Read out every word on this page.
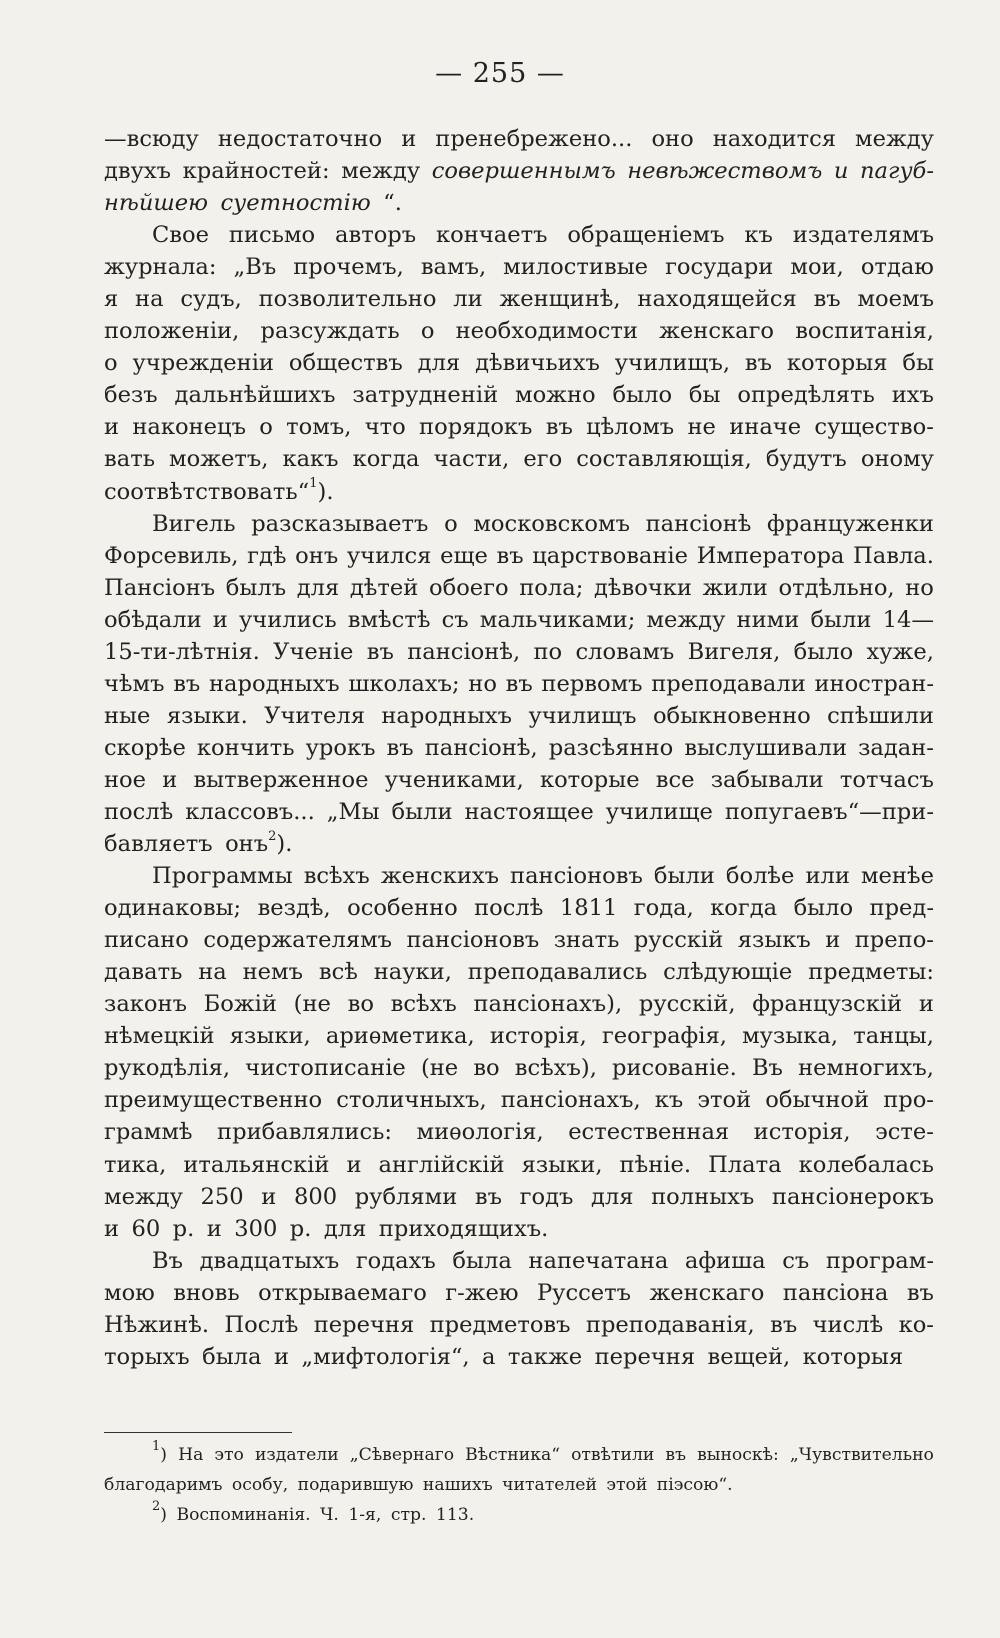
— 255 —
—всюду недостаточно и пренебрежено... оно находится между
двухъ крайностей: между совершеннымъ невѣжествомъ и пагуб-
нѣйшею суетностію “.
Свое письмо авторъ кончаетъ обращеніемъ къ издателямъ
журнала: „Въ прочемъ, вамъ, милостивые государи мои, отдаю
я на судъ, позволительно ли женщинѣ, находящейся въ моемъ
положеніи, разсуждать о необходимости женскаго воспитанія,
о учрежденіи обществъ для дѣвичьихъ училищъ, въ которыя бы
безъ дальнѣйшихъ затрудненій можно было бы опредѣлять ихъ
и наконецъ о томъ, что порядокъ въ цѣломъ не иначе существо-
вать можетъ, какъ когда части, его составляющія, будутъ оному
соотвѣтствовать“$^1$).
Вигель разсказываетъ о московскомъ пансіонѣ француженки
Форсевиль, гдѣ онъ учился еще въ царствованіе Императора Павла.
Пансіонъ былъ для дѣтей обоего пола; дѣвочки жили отдѣльно, но
обѣдали и учились вмѣстѣ съ мальчиками; между ними были 14—
15-ти-лѣтнія. Ученіе въ пансіонѣ, по словамъ Вигеля, было хуже,
чѣмъ въ народныхъ школахъ; но въ первомъ преподавали иностран-
ные языки. Учителя народныхъ училищъ обыкновенно спѣшили
скорѣе кончить урокъ въ пансіонѣ, разсѣянно выслушивали задан-
ное и вытверженное учениками, которые все забывали тотчасъ
послѣ классовъ... „Мы были настоящее училище попугаевъ“—при-
бавляетъ онъ$^2$).
Программы всѣхъ женскихъ пансіоновъ были болѣе или менѣе
одинаковы; вездѣ, особенно послѣ 1811 года, когда было пред-
писано содержателямъ пансіоновъ знать русскій языкъ и препо-
давать на немъ всѣ науки, преподавались слѣдующіе предметы:
законъ Божій (не во всѣхъ пансіонахъ), русскій, французскій и
нѣмецкій языки, ариѳметика, исторія, географія, музыка, танцы,
рукодѣлія, чистописаніе (не во всѣхъ), рисованіе. Въ немногихъ,
преимущественно столичныхъ, пансіонахъ, къ этой обычной про-
граммѣ прибавлялись: миѳологія, естественная исторія, эсте-
тика, итальянскій и англійскій языки, пѣніе. Плата колебалась
между 250 и 800 рублями въ годъ для полныхъ пансіонерокъ
и 60 р. и 300 р. для приходящихъ.
Въ двадцатыхъ годахъ была напечатана афиша съ програм-
мою вновь открываемаго г-жею Руссетъ женскаго пансіона въ
Нѣжинѣ. Послѣ перечня предметовъ преподаванія, въ числѣ ко-
торыхъ была и „мифтологія“, а также перечня вещей, которыя
$^1$) На это издатели „Сѣвернаго Вѣстника“ отвѣтили въ выноскѣ: „Чувствительно
благодаримъ особу, подарившую нашихъ читателей этой піэсою“.
$^2$) Воспоминанія. Ч. 1-я, стр. 113.
